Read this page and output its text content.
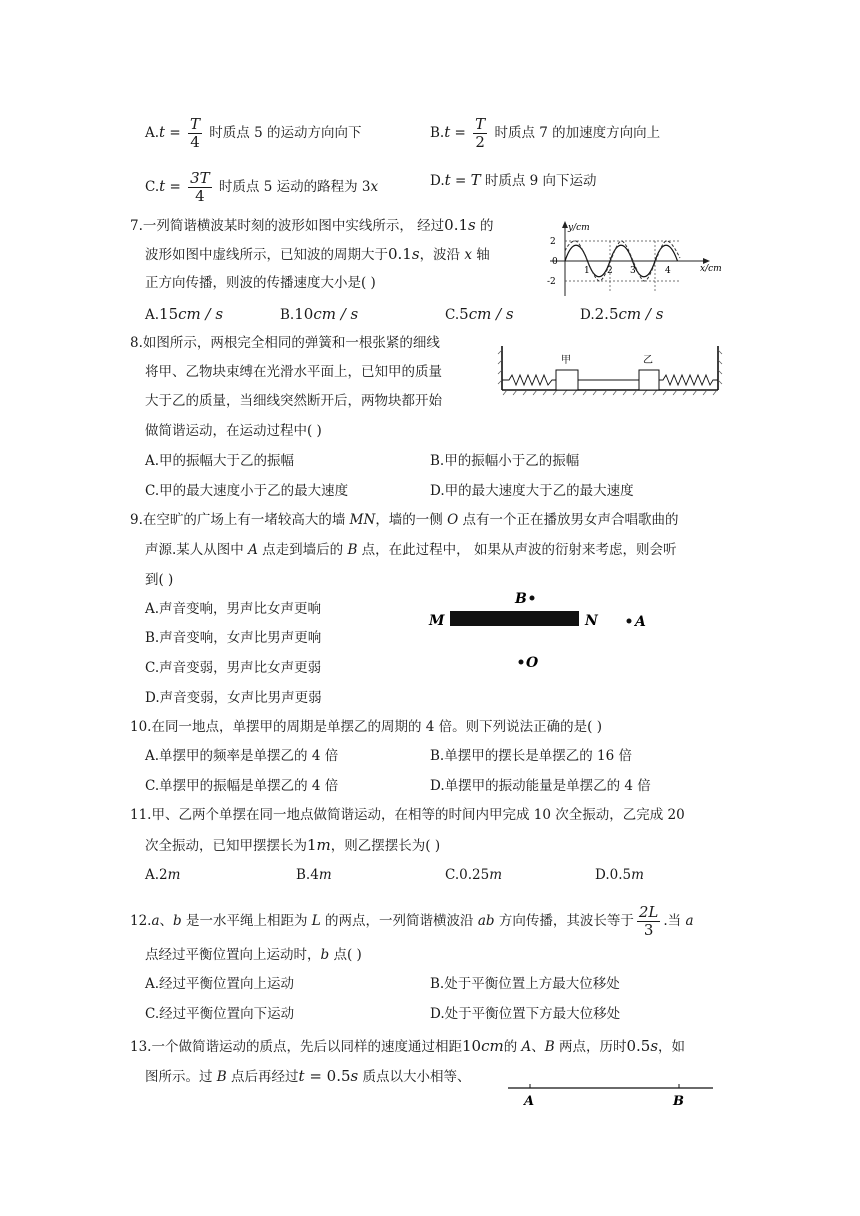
$A.t = \frac{T}{4}$ 时质点 5 的运动方向向下	$B.t = \frac{T}{2}$ 时质点 7 的加速度方向向上
$C.t = \frac{3T}{4}$ 时质点 5 运动的路程为 3x	D.t = T 时质点 9 向下运动
7.一列简谐横波某时刻的波形如图中实线所示， 经过0.1s 的
波形如图中虚线所示，已知波的周期大于0.1s，波沿 x 轴
正方向传播，则波的传播速度大小是( )
A.15cm / s	B.10cm / s	C.5cm / s	D.2.5cm / s
y/cm
x/cm
2
0
-2
1 2 3	4
8.如图所示，两根完全相同的弹簧和一根张紧的细线
将甲、乙物块束缚在光滑水平面上，已知甲的质量
大于乙的质量，当细线突然断开后，两物块都开始
做简谐运动，在运动过程中( )
A.甲的振幅大于乙的振幅	B.甲的振幅小于乙的振幅
C.甲的最大速度小于乙的最大速度	D.甲的最大速度大于乙的最大速度
甲	乙
9.在空旷的广场上有一堵较高大的墙 MN，墙的一侧 O 点有一个正在播放男女声合唱歌曲的
声源.某人从图中 A 点走到墙后的 B 点，在此过程中， 如果从声波的衍射来考虑，则会听
到( )
A.声音变响，男声比女声更响
B.声音变响，女声比男声更响
C.声音变弱，男声比女声更弱
D.声音变弱，女声比男声更弱
M	N
B
A
O
10.在同一地点，单摆甲的周期是单摆乙的周期的 4 倍。则下列说法正确的是( )
A.单摆甲的频率是单摆乙的 4 倍	B.单摆甲的摆长是单摆乙的 16 倍
C.单摆甲的振幅是单摆乙的 4 倍	D.单摆甲的振动能量是单摆乙的 4 倍
11.甲、乙两个单摆在同一地点做简谐运动，在相等的时间内甲完成 10 次全振动，乙完成 20
次全振动，已知甲摆摆长为1m，则乙摆摆长为( )
A.2m	B.4m	C.0.25m	D.0.5m
12.a、b 是一水平绳上相距为 L 的两点，一列简谐横波沿 ab 方向传播，其波长等于 $\frac{2L}{3}$ .当 a
点经过平衡位置向上运动时，b 点( )
A.经过平衡位置向上运动	B.处于平衡位置上方最大位移处
C.经过平衡位置向下运动	D.处于平衡位置下方最大位移处
13.一个做简谐运动的质点，先后以同样的速度通过相距10cm的 A、B 两点，历时0.5s，如
图所示。过 B 点后再经过t = 0.5s 质点以大小相等、
A	B
